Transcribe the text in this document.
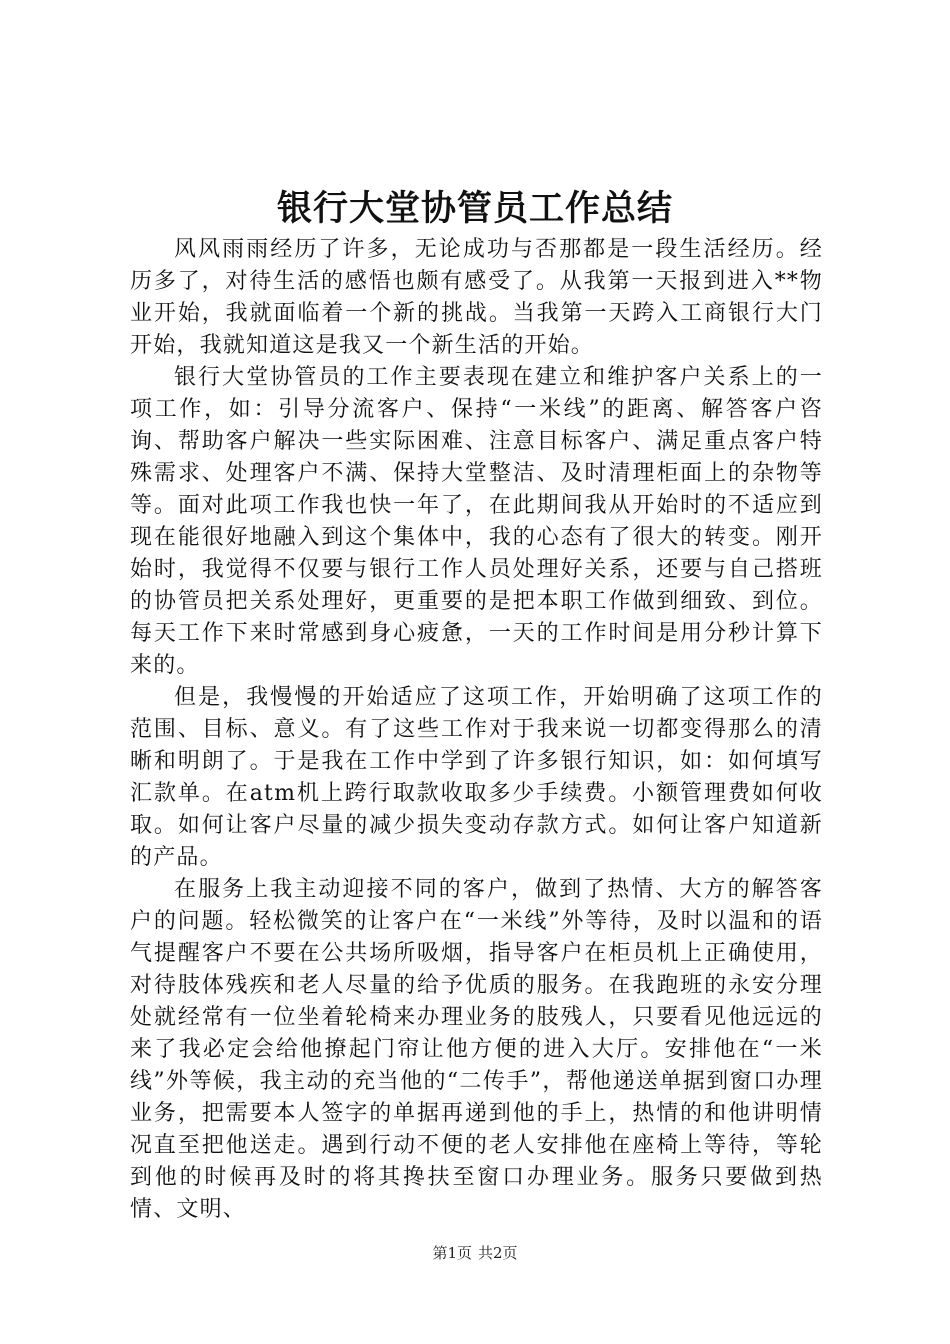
银行大堂协管员工作总结

风风雨雨经历了许多，无论成功与否那都是一段生活经历。经历多了，对待生活的感悟也颇有感受了。从我第一天报到进入**物业开始，我就面临着一个新的挑战。当我第一天跨入工商银行大门开始，我就知道这是我又一个新生活的开始。

银行大堂协管员的工作主要表现在建立和维护客户关系上的一项工作，如：引导分流客户、保持“一米线”的距离、解答客户咨询、帮助客户解决一些实际困难、注意目标客户、满足重点客户特殊需求、处理客户不满、保持大堂整洁、及时清理柜面上的杂物等等。面对此项工作我也快一年了，在此期间我从开始时的不适应到现在能很好地融入到这个集体中，我的心态有了很大的转变。刚开始时，我觉得不仅要与银行工作人员处理好关系，还要与自己搭班的协管员把关系处理好，更重要的是把本职工作做到细致、到位。每天工作下来时常感到身心疲惫，一天的工作时间是用分秒计算下来的。

但是，我慢慢的开始适应了这项工作，开始明确了这项工作的范围、目标、意义。有了这些工作对于我来说一切都变得那么的清晰和明朗了。于是我在工作中学到了许多银行知识，如：如何填写汇款单。在atm机上跨行取款收取多少手续费。小额管理费如何收取。如何让客户尽量的减少损失变动存款方式。如何让客户知道新的产品。

在服务上我主动迎接不同的客户，做到了热情、大方的解答客户的问题。轻松微笑的让客户在“一米线”外等待，及时以温和的语气提醒客户不要在公共场所吸烟，指导客户在柜员机上正确使用，对待肢体残疾和老人尽量的给予优质的服务。在我跑班的永安分理处就经常有一位坐着轮椅来办理业务的肢残人，只要看见他远远的来了我必定会给他撩起门帘让他方便的进入大厅。安排他在“一米线”外等候，我主动的充当他的“二传手”，帮他递送单据到窗口办理业务，把需要本人签字的单据再递到他的手上，热情的和他讲明情况直至把他送走。遇到行动不便的老人安排他在座椅上等待，等轮到他的时候再及时的将其搀扶至窗口办理业务。服务只要做到热情、文明、

第1页 共2页
